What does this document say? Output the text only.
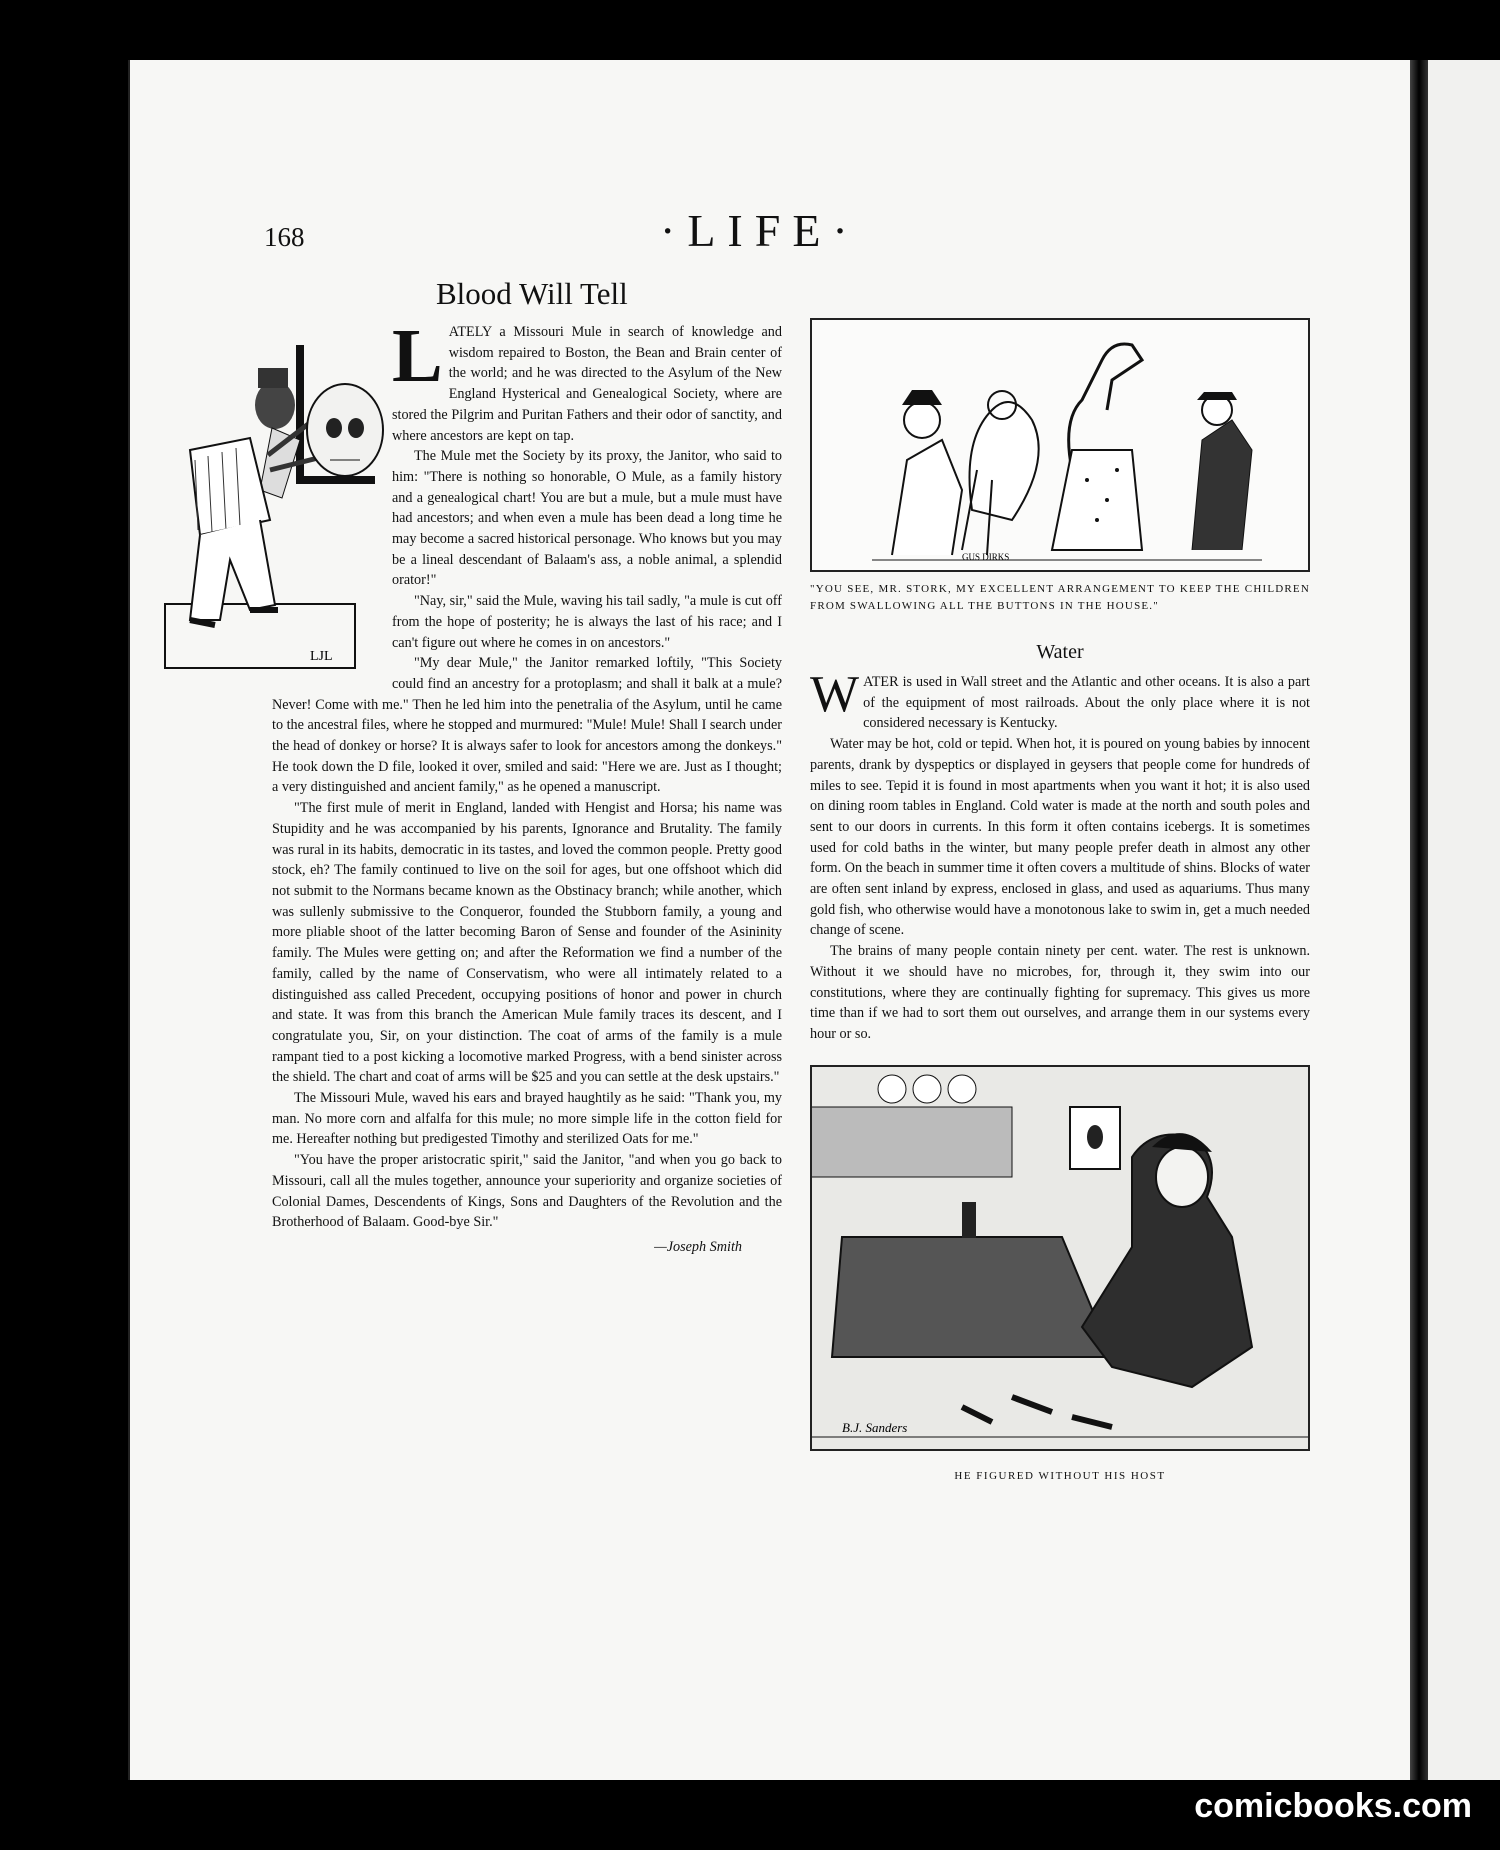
168	·LIFE·
Blood Will Tell

LATELY a Missouri Mule in search of knowledge and wisdom repaired to Boston, the Bean and Brain center of the world; and he was directed to the Asylum of the New England Hysterical and Genealogical Society, where are stored the Pilgrim and Puritan Fathers and their odor of sanctity, and where ancestors are kept on tap.

The Mule met the Society by its proxy, the Janitor, who said to him: "There is nothing so honorable, O Mule, as a family history and a genealogical chart! You are but a mule, but a mule must have had ancestors; and when even a mule has been dead a long time he may become a sacred historical personage. Who knows but you may be a lineal descendant of Balaam's ass, a noble animal, a splendid orator!"

"Nay, sir," said the Mule, waving his tail sadly, "a mule is cut off from the hope of posterity; he is always the last of his race; and I can't figure out where he comes in on ancestors."

"My dear Mule," the Janitor remarked loftily, "This Society could find an ancestry for a protoplasm; and shall it balk at a mule? Never! Come with me." Then he led him into the penetralia of the Asylum, until he came to the ancestral files, where he stopped and murmured: "Mule! Mule! Shall I search under the head of donkey or horse? It is always safer to look for ancestors among the donkeys." He took down the D file, looked it over, smiled and said: "Here we are. Just as I thought; a very distinguished and ancient family," as he opened a manuscript.

"The first mule of merit in England, landed with Hengist and Horsa; his name was Stupidity and he was accompanied by his parents, Ignorance and Brutality. The family was rural in its habits, democratic in its tastes, and loved the common people. Pretty good stock, eh? The family continued to live on the soil for ages, but one offshoot which did not submit to the Normans became known as the Obstinacy branch; while another, which was sullenly submissive to the Conqueror, founded the Stubborn family, a young and more pliable shoot of the latter becoming Baron of Sense and founder of the Asininity family. The Mules were getting on; and after the Reformation we find a number of the family, called by the name of Conservatism, who were all intimately related to a distinguished ass called Precedent, occupying positions of honor and power in church and state. It was from this branch the American Mule family traces its descent, and I congratulate you, Sir, on your distinction. The coat of arms of the family is a mule rampant tied to a post kicking a locomotive marked Progress, with a bend sinister across the shield. The chart and coat of arms will be $25 and you can settle at the desk upstairs."

The Missouri Mule, waved his ears and brayed haughtily as he said: "Thank you, my man. No more corn and alfalfa for this mule; no more simple life in the cotton field for me. Hereafter nothing but predigested Timothy and sterilized Oats for me."

"You have the proper aristocratic spirit," said the Janitor, "and when you go back to Missouri, call all the mules together, announce your superiority and organize societies of Colonial Dames, Descendents of Kings, Sons and Daughters of the Revolution and the Brotherhood of Balaam. Good-bye Sir."

—Joseph Smith

LJL
GUS DIRKS
"YOU SEE, MR. STORK, MY EXCELLENT ARRANGEMENT TO KEEP THE CHILDREN FROM SWALLOWING ALL THE BUTTONS IN THE HOUSE."
Water

WATER is used in Wall street and the Atlantic and other oceans. It is also a part of the equipment of most railroads. About the only place where it is not considered necessary is Kentucky.

Water may be hot, cold or tepid. When hot, it is poured on young babies by innocent parents, drank by dyspeptics or displayed in geysers that people come for hundreds of miles to see. Tepid it is found in most apartments when you want it hot; it is also used on dining room tables in England. Cold water is made at the north and south poles and sent to our doors in currents. In this form it often contains icebergs. It is sometimes used for cold baths in the winter, but many people prefer death in almost any other form. On the beach in summer time it often covers a multitude of shins. Blocks of water are often sent inland by express, enclosed in glass, and used as aquariums. Thus many gold fish, who otherwise would have a monotonous lake to swim in, get a much needed change of scene.

The brains of many people contain ninety per cent. water. The rest is unknown. Without it we should have no microbes, for, through it, they swim into our constitutions, where they are continually fighting for supremacy. This gives us more time than if we had to sort them out ourselves, and arrange them in our systems every hour or so.

B.J. Sanders
HE FIGURED WITHOUT HIS HOST
comicbooks.com
